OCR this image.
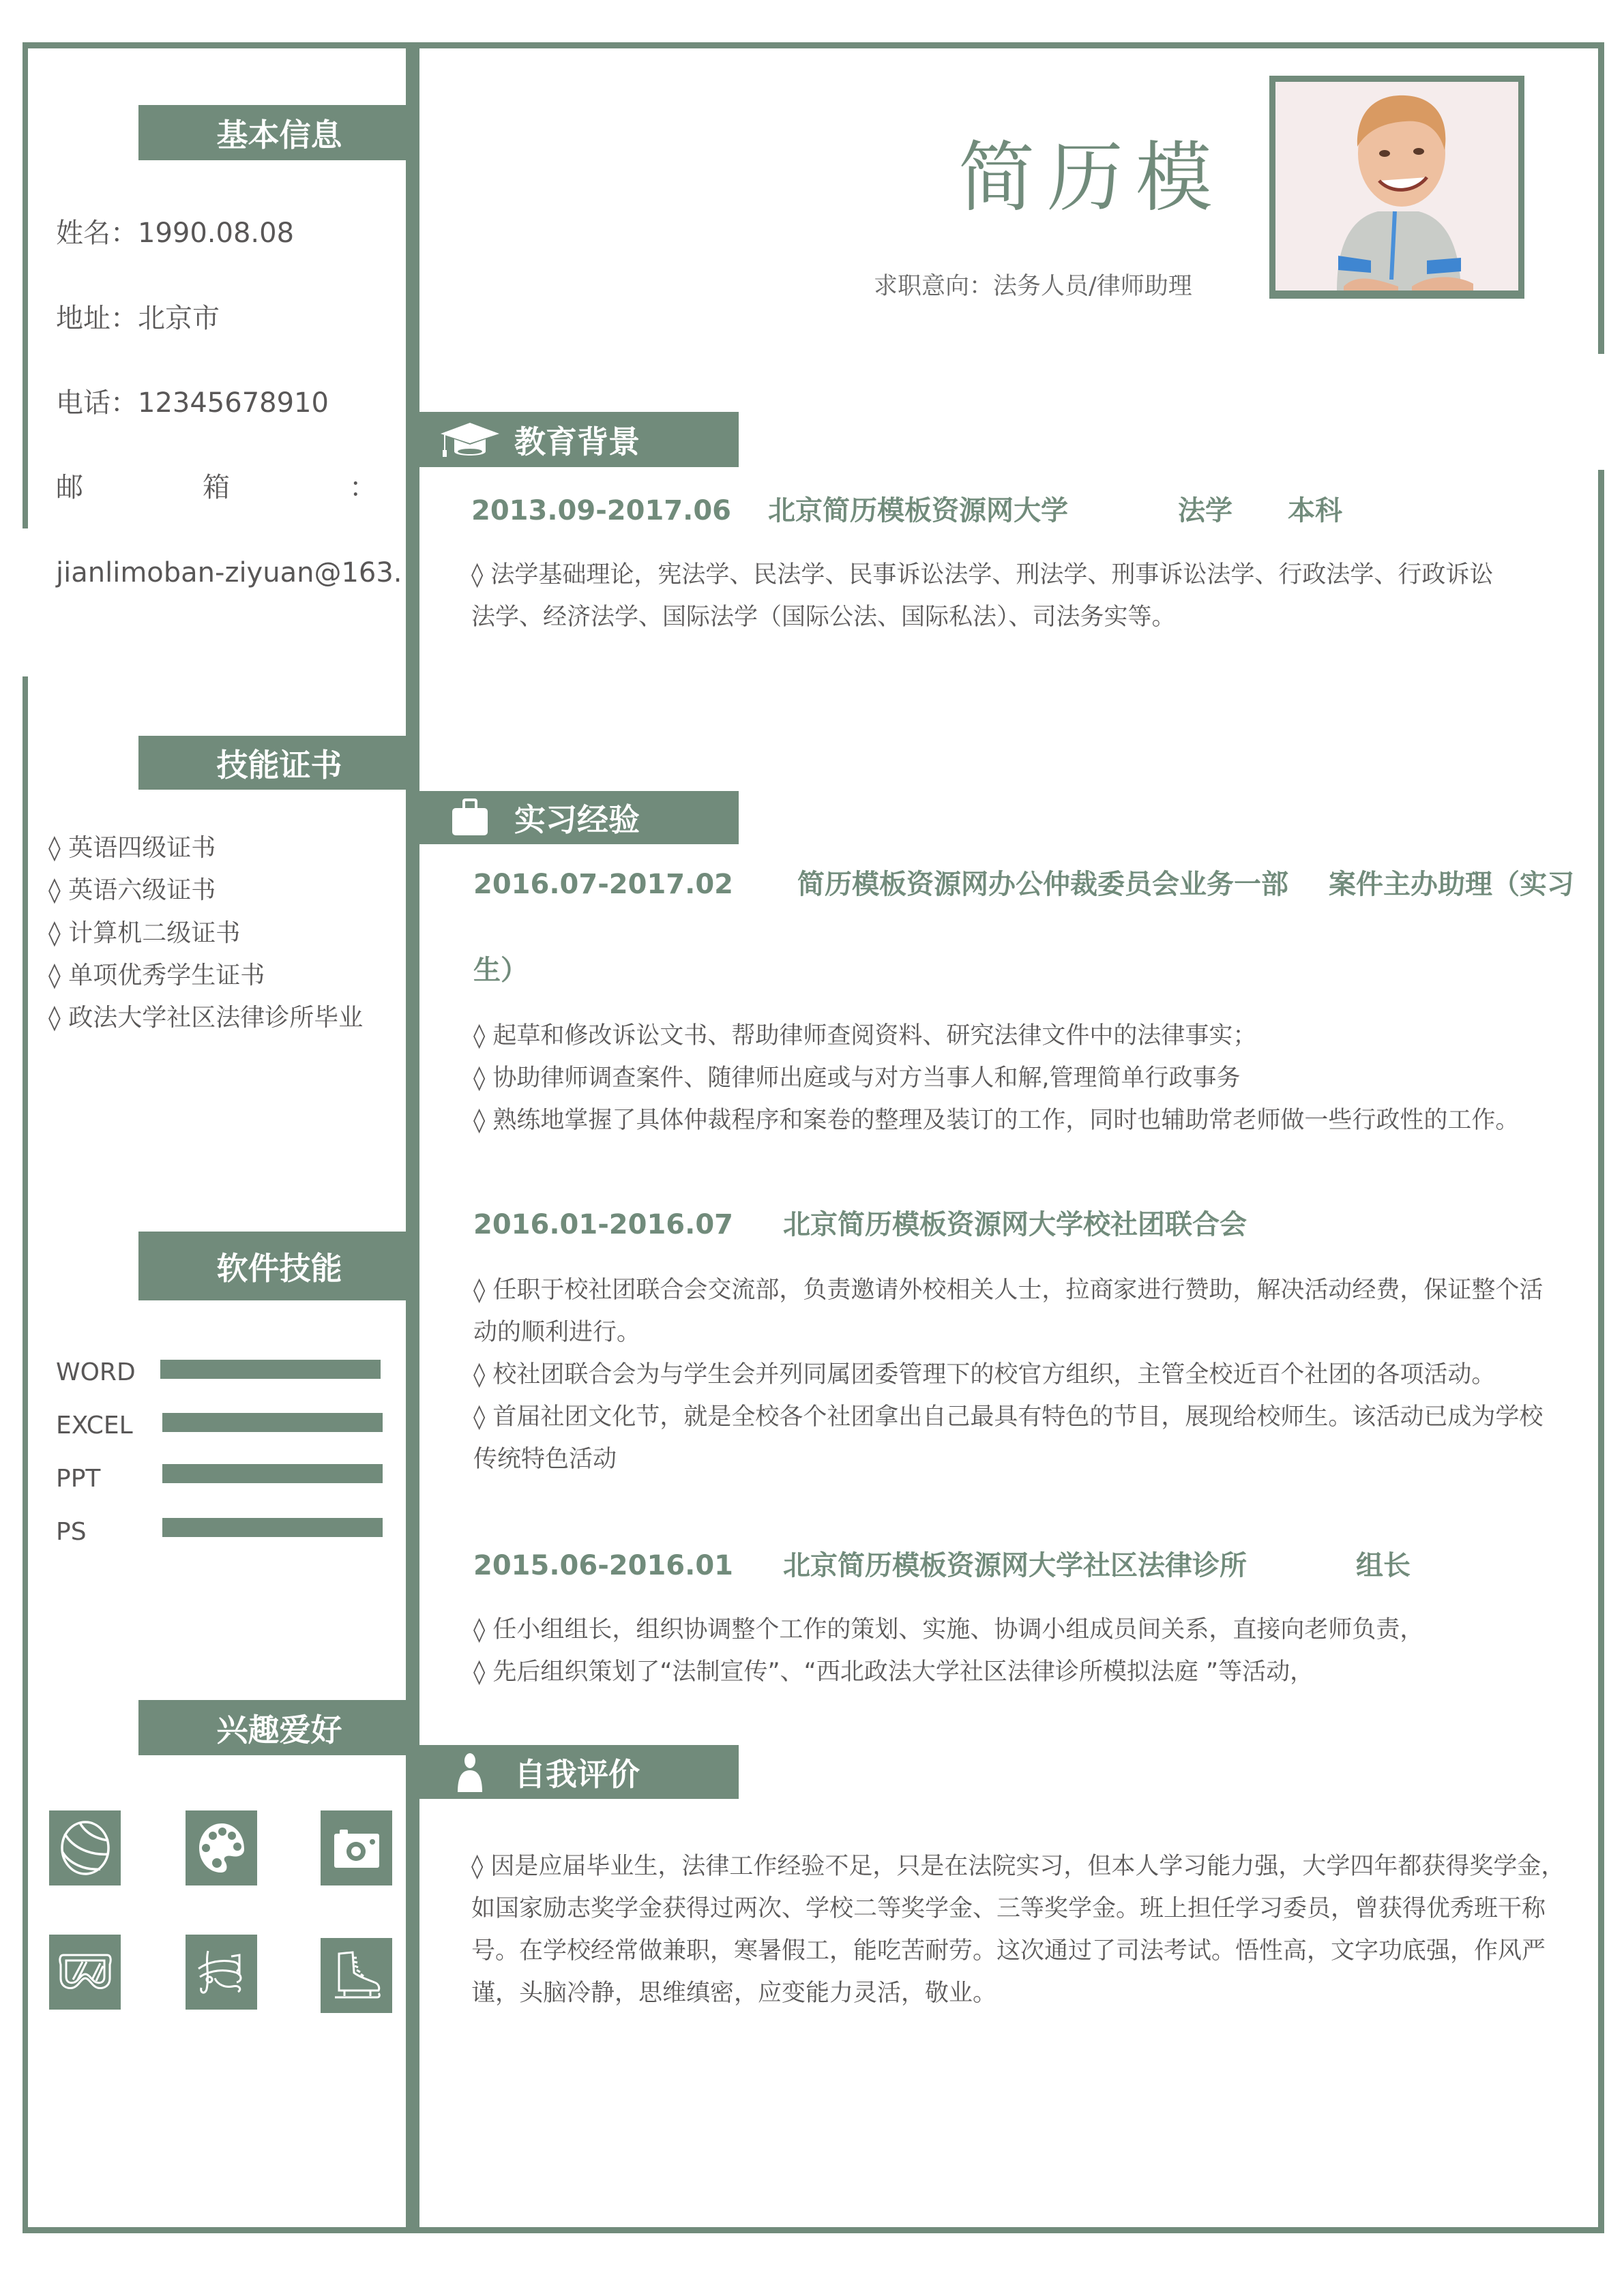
基本信息
姓名：1990.08.08
地址：北京市
电话：12345678910
邮	箱	：
jianlimoban-ziyuan@163.
技能证书
◊ 英语四级证书
◊ 英语六级证书
◊ 计算机二级证书
◊ 单项优秀学生证书
◊ 政法大学社区法律诊所毕业
软件技能
WORD
EXCEL
PPT
PS
兴趣爱好
简历模
求职意向：法务人员/律师助理
教育背景
2013.09-2017.06 北京简历模板资源网大学	法学 本科
◊ 法学基础理论，宪法学、民法学、民事诉讼法学、刑法学、刑事诉讼法学、行政法学、行政诉讼
法学、经济法学、国际法学（国际公法、国际私法）、司法务实等。
实习经验
2016.07-2017.02 简历模板资源网办公仲裁委员会业务一部 案件主办助理（实习
生）
◊ 起草和修改诉讼文书、帮助律师查阅资料、研究法律文件中的法律事实；
◊ 协助律师调查案件、随律师出庭或与对方当事人和解,管理简单行政事务
◊ 熟练地掌握了具体仲裁程序和案卷的整理及装订的工作，同时也辅助常老师做一些行政性的工作。
2016.01-2016.07 北京简历模板资源网大学校社团联合会
◊ 任职于校社团联合会交流部，负责邀请外校相关人士，拉商家进行赞助，解决活动经费，保证整个活
动的顺利进行。
◊ 校社团联合会为与学生会并列同属团委管理下的校官方组织，主管全校近百个社团的各项活动。
◊ 首届社团文化节，就是全校各个社团拿出自己最具有特色的节目，展现给校师生。该活动已成为学校
传统特色活动
2015.06-2016.01 北京简历模板资源网大学社区法律诊所	组长
◊ 任小组组长，组织协调整个工作的策划、实施、协调小组成员间关系，直接向老师负责，
◊ 先后组织策划了“法制宣传”、“西北政法大学社区法律诊所模拟法庭 ”等活动，
自我评价
◊ 因是应届毕业生，法律工作经验不足，只是在法院实习，但本人学习能力强，大学四年都获得奖学金，
如国家励志奖学金获得过两次、学校二等奖学金、三等奖学金。班上担任学习委员，曾获得优秀班干称
号。在学校经常做兼职，寒暑假工，能吃苦耐劳。这次通过了司法考试。悟性高，文字功底强，作风严
谨，头脑冷静，思维缜密，应变能力灵活，敬业。
